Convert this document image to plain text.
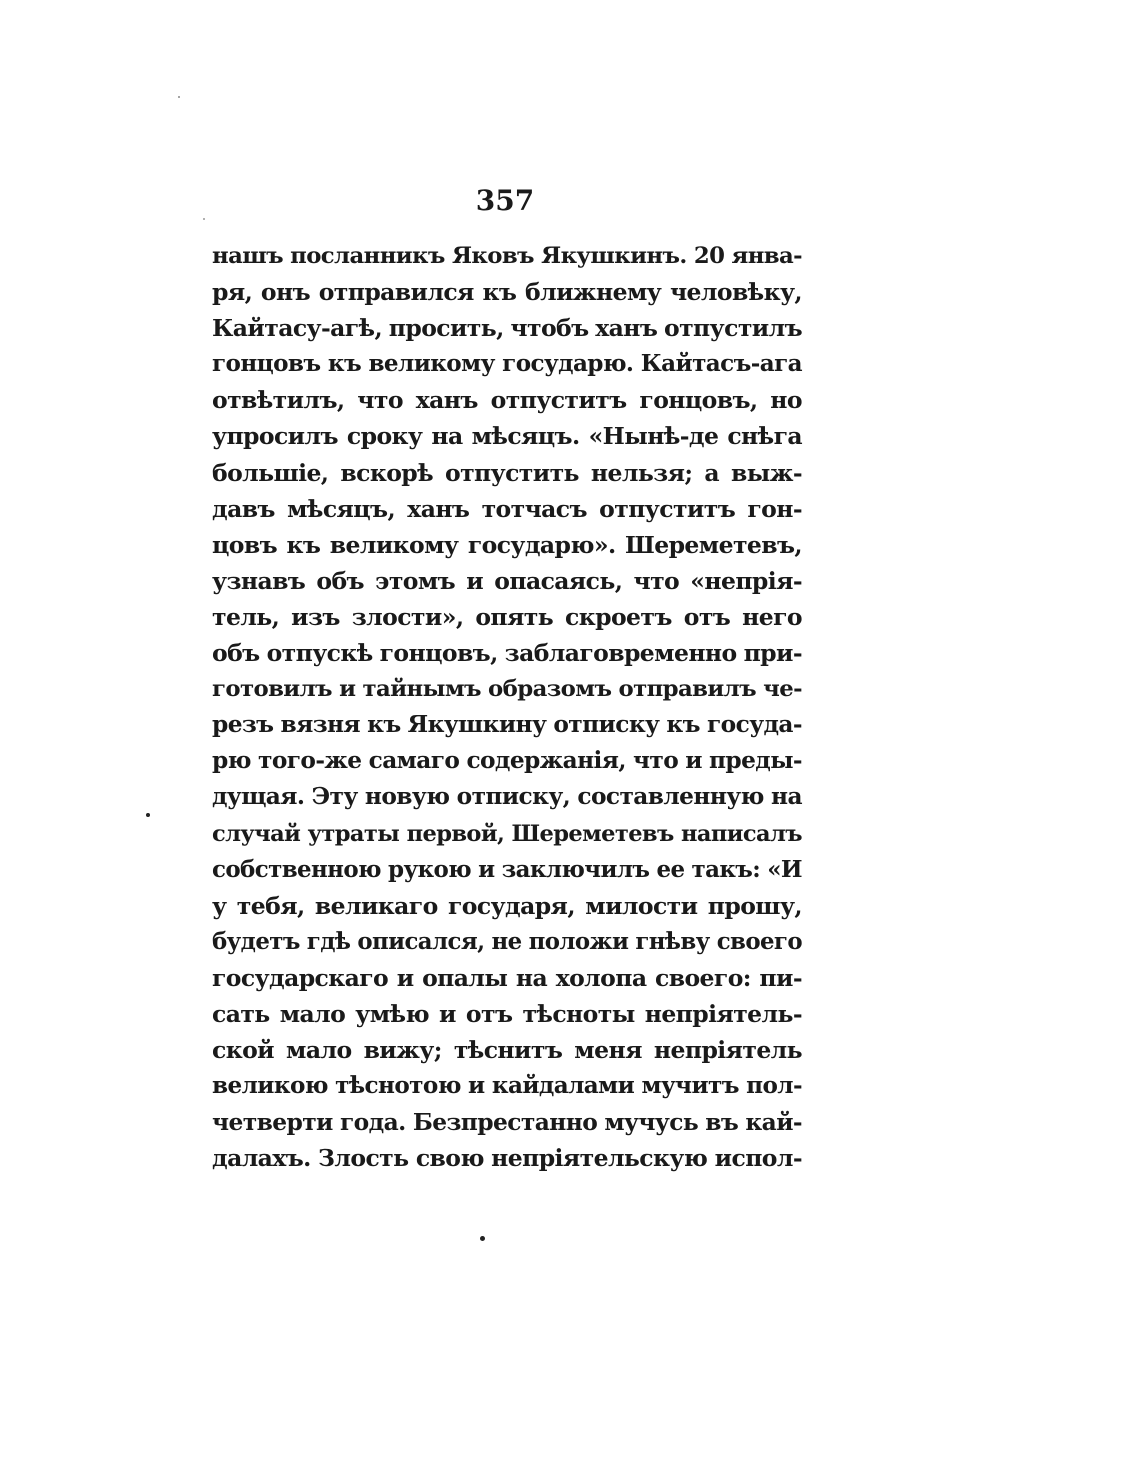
357
нашъ посланникъ Яковъ Якушкинъ. 20 янва-
ря, онъ отправился къ ближнему человѣку,
Кайтасу-агѣ, просить, чтобъ ханъ отпустилъ
гонцовъ къ великому государю. Кайтасъ-ага
отвѣтилъ, что ханъ отпуститъ гонцовъ, но
упросилъ сроку на мѣсяцъ. «Нынѣ-де снѣга
большіе, вскорѣ отпустить нельзя; а выж-
давъ мѣсяцъ, ханъ тотчасъ отпуститъ гон-
цовъ къ великому государю». Шереметевъ,
узнавъ объ этомъ и опасаясь, что «непрія-
тель, изъ злости», опять скроетъ отъ него
объ отпускѣ гонцовъ, заблаговременно при-
готовилъ и тайнымъ образомъ отправилъ че-
резъ вязня къ Якушкину отписку къ госуда-
рю того-же самаго содержанія, что и преды-
дущая. Эту новую отписку, составленную на
случай утраты первой, Шереметевъ написалъ
собственною рукою и заключилъ ее такъ: «И
у тебя, великаго государя, милости прошу,
будетъ гдѣ описался, не положи гнѣву своего
государскаго и опалы на холопа своего: пи-
сать мало умѣю и отъ тѣсноты непріятель-
ской мало вижу; тѣснитъ меня непріятель
великою тѣснотою и кайдалами мучитъ пол-
четверти года. Безпрестанно мучусь въ кай-
далахъ. Злость свою непріятельскую испол-
